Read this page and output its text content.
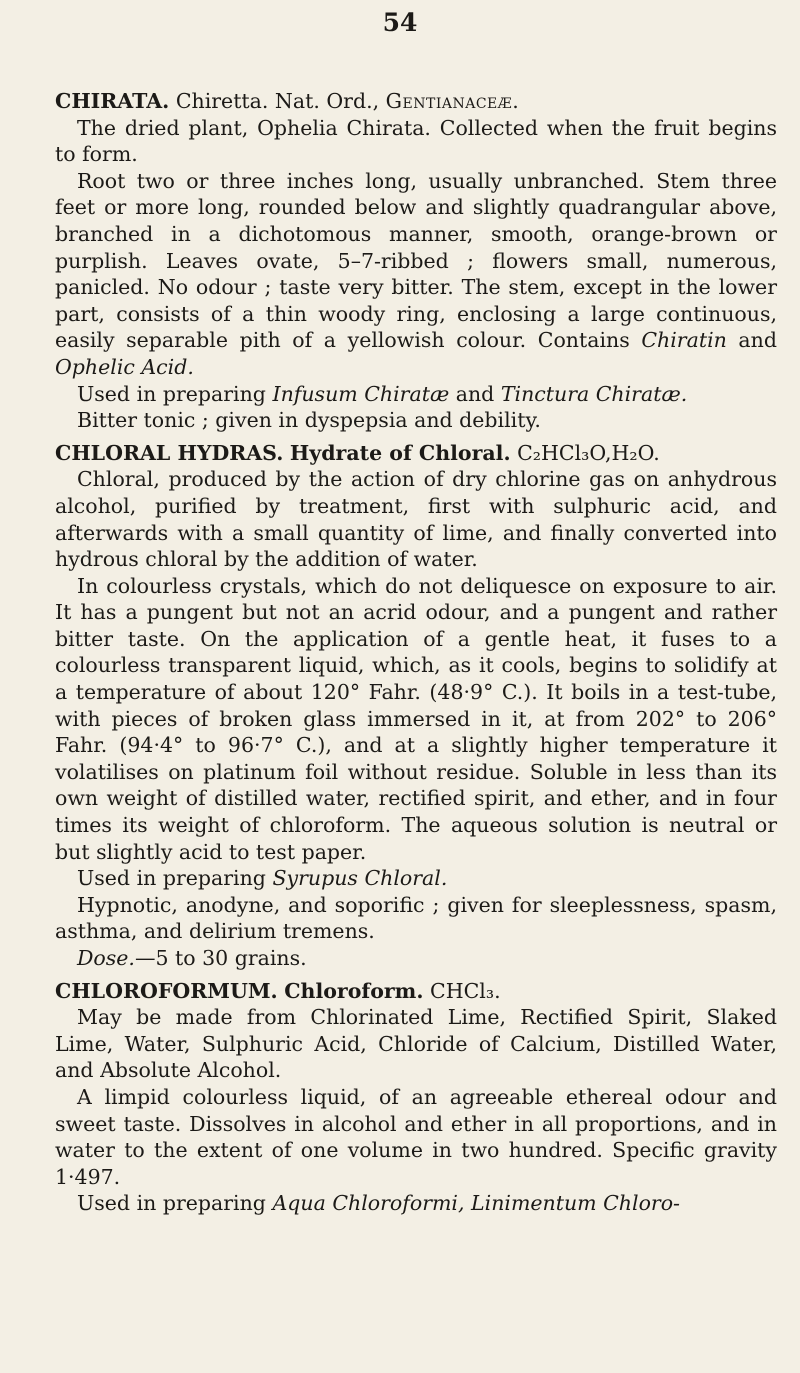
54

CHIRATA. Chiretta. Nat. Ord., Gentianaceæ.

The dried plant, Ophelia Chirata. Collected when the fruit begins to form.

Root two or three inches long, usually unbranched. Stem three feet or more long, rounded below and slightly quadrangular above, branched in a dichotomous manner, smooth, orange-brown or purplish. Leaves ovate, 5–7-ribbed ; flowers small, numerous, panicled. No odour ; taste very bitter. The stem, except in the lower part, consists of a thin woody ring, enclosing a large continuous, easily separable pith of a yellowish colour. Contains Chiratin and Ophelic Acid.

Used in preparing Infusum Chiratæ and Tinctura Chiratæ.

Bitter tonic ; given in dyspepsia and debility.

CHLORAL HYDRAS. Hydrate of Chloral. C₂HCl₃O,H₂O.

Chloral, produced by the action of dry chlorine gas on anhydrous alcohol, purified by treatment, first with sulphuric acid, and afterwards with a small quantity of lime, and finally converted into hydrous chloral by the addition of water.

In colourless crystals, which do not deliquesce on exposure to air. It has a pungent but not an acrid odour, and a pungent and rather bitter taste. On the application of a gentle heat, it fuses to a colourless transparent liquid, which, as it cools, begins to solidify at a temperature of about 120° Fahr. (48·9° C.). It boils in a test-tube, with pieces of broken glass immersed in it, at from 202° to 206° Fahr. (94·4° to 96·7° C.), and at a slightly higher temperature it volatilises on platinum foil without residue. Soluble in less than its own weight of distilled water, rectified spirit, and ether, and in four times its weight of chloroform. The aqueous solution is neutral or but slightly acid to test paper.

Used in preparing Syrupus Chloral.

Hypnotic, anodyne, and soporific ; given for sleeplessness, spasm, asthma, and delirium tremens.

Dose.—5 to 30 grains.

CHLOROFORMUM. Chloroform. CHCl₃.

May be made from Chlorinated Lime, Rectified Spirit, Slaked Lime, Water, Sulphuric Acid, Chloride of Calcium, Distilled Water, and Absolute Alcohol.

A limpid colourless liquid, of an agreeable ethereal odour and sweet taste. Dissolves in alcohol and ether in all proportions, and in water to the extent of one volume in two hundred. Specific gravity 1·497.

Used in preparing Aqua Chloroformi, Linimentum Chloro-
